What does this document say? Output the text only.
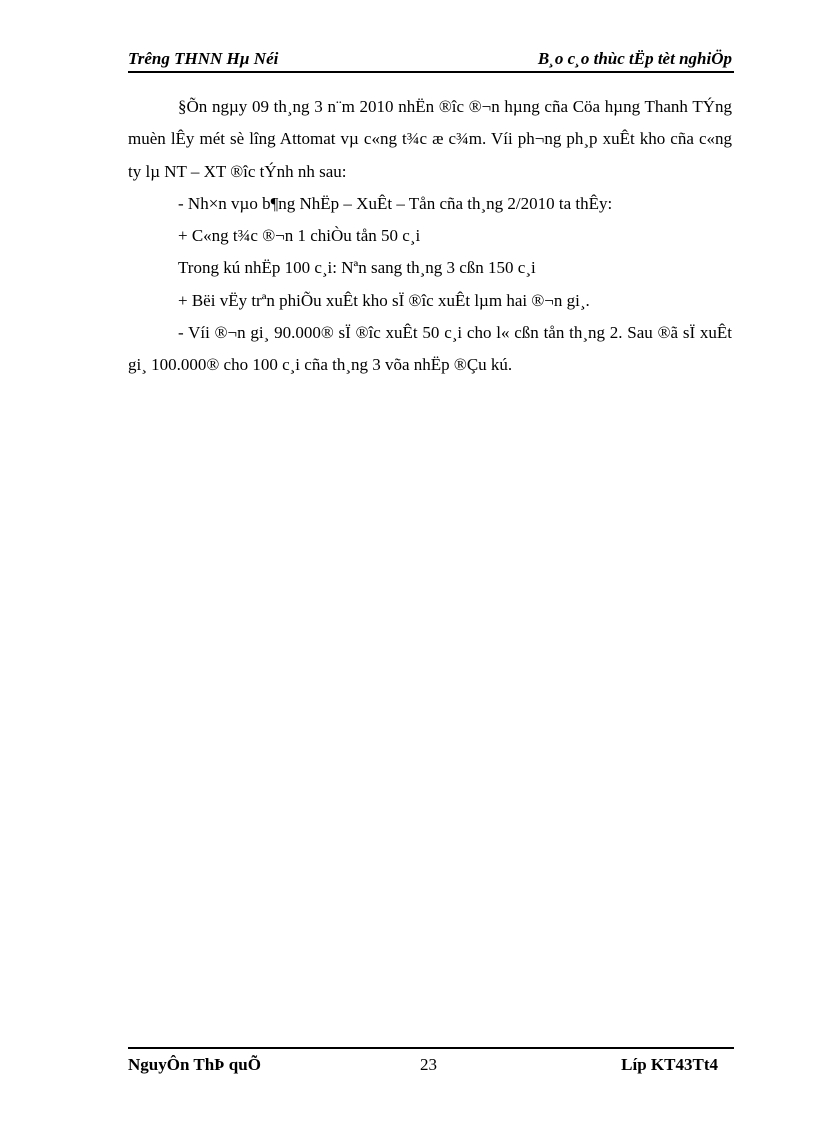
Trêng THNN Hµ Néi	B¸o c¸o thùc tËp tèt nghiÖp

§Õn ngµy 09 th¸ng 3 n¨m 2010 nhËn ®îc ®¬n hµng cña Cöa hµng Thanh TÝng muèn lÊy mét sè lîng Attomat vµ c«ng t¾c æ c¾m. Víi ph¬ng ph¸p xuÊt kho cña c«ng ty lµ NT – XT ®îc tÝnh nh sau:

- Nh×n vµo b¶ng NhËp – XuÊt – Tån cña th¸ng 2/2010 ta thÊy:

+ C«ng t¾c ®¬n 1 chiÒu tån 50 c¸i

Trong kú nhËp 100 c¸i: Nªn sang th¸ng 3 cßn 150 c¸i

+ Bëi vËy trªn phiÕu xuÊt kho sÏ ®îc xuÊt lµm hai ®¬n gi¸.

- Víi ®¬n gi¸ 90.000® sÏ ®îc xuÊt 50 c¸i cho l« cßn tån th¸ng 2. Sau ®ã sÏ xuÊt gi¸ 100.000® cho 100 c¸i cña th¸ng 3 võa nhËp ®Çu kú.

NguyÔn ThÞ quÕ	23	Líp KT43Tt4
